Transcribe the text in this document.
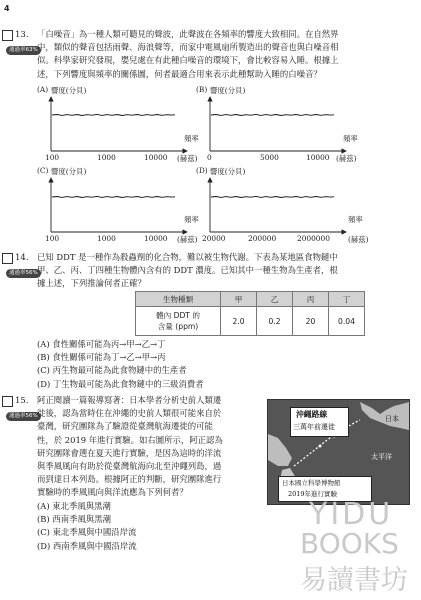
4
13.
通過率63%
「白噪音」為一種人類可聽見的聲波，此聲波在各頻率的響度大致相同。在自然界
中，類似的聲音包括雨聲、海浪聲等，而家中電風扇所製造出的聲音也與白噪音相
似。科學家研究發現，嬰兒處在有此種白噪音的環境下，會比較容易入睡。根據上
述，下列響度與頻率的關係圖，何者最適合用來表示此種幫助入睡的白噪音？
(A) 響度(分貝)
100	1000	10000
頻率
(赫茲)
(B) 響度(分貝)
0	5000	10000
頻率
(赫茲)
(C) 響度(分貝)
100	1000	10000
頻率
(赫茲)
(D) 響度(分貝)
20000	200000	2000000
頻率
(赫茲)
14.
通過率56%
已知 DDT 是一種作為殺蟲劑的化合物，難以被生物代謝。下表為某地區食物鏈中
甲、乙、丙、丁四種生物體內含有的 DDT 濃度。已知其中一種生物為生產者，根
據上述，下列推論何者正確？
生物種類	甲	乙	丙	丁

體內 DDT 的
含量 (ppm)	2.0	0.2	20	0.04
(A) 食性關係可能為丙→甲→乙→丁
(B) 食性關係可能為丁→乙→甲→丙
(C) 丙生物最可能為此食物鏈中的生產者
(D) 丁生物最可能為此食物鏈中的三級消費者
15.
通過率56%
阿正閱讀一篇報導寫著：日本學者分析史前人類遷
徙後，認為當時住在沖繩的史前人類很可能來自於
臺灣，研究團隊為了驗證從臺灣航海遷徙的可能
性，於 2019 年進行實驗。如右圖所示，阿正認為
研究團隊會選在夏天進行實驗，是因為這時的洋流
與季風風向有助於從臺灣航海向北至沖繩列島，過
而到達日本列島。根據阿正的判斷，研究團隊進行
實驗時的季風風向與洋流應為下列何者？
(A) 東北季風與黑潮
(B) 西南季風與黑潮
(C) 東北季風與中國沿岸流
(D) 西南季風與中國沿岸流
沖繩路線
三萬年前遷徙
日本
太平洋
日本國立科學博物館
2019年進行實驗
YIDU
BOOKS
易讀書坊
